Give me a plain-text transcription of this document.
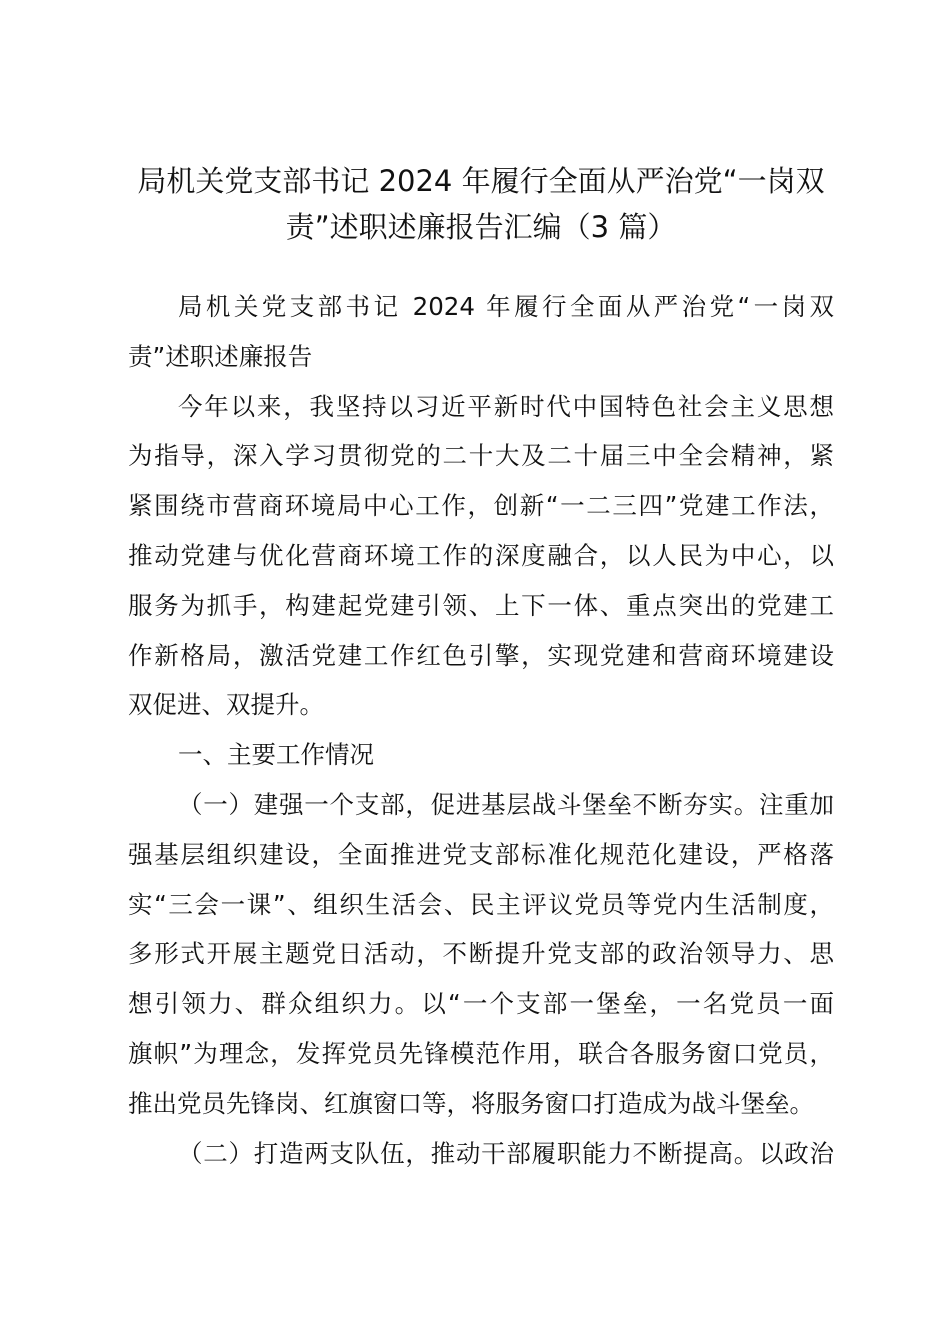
局机关党支部书记 2024 年履行全面从严治党“一岗双
责”述职述廉报告汇编（3 篇）
局机关党支部书记 2024 年履行全面从严治党“一岗双
责”述职述廉报告
今年以来，我坚持以习近平新时代中国特色社会主义思想
为指导，深入学习贯彻党的二十大及二十届三中全会精神，紧
紧围绕市营商环境局中心工作，创新“一二三四”党建工作法，
推动党建与优化营商环境工作的深度融合，以人民为中心，以
服务为抓手，构建起党建引领、上下一体、重点突出的党建工
作新格局，激活党建工作红色引擎，实现党建和营商环境建设
双促进、双提升。
一、主要工作情况
（一）建强一个支部，促进基层战斗堡垒不断夯实。注重加
强基层组织建设，全面推进党支部标准化规范化建设，严格落
实“三会一课”、组织生活会、民主评议党员等党内生活制度，
多形式开展主题党日活动，不断提升党支部的政治领导力、思
想引领力、群众组织力。以“一个支部一堡垒，一名党员一面
旗帜”为理念，发挥党员先锋模范作用，联合各服务窗口党员，
推出党员先锋岗、红旗窗口等，将服务窗口打造成为战斗堡垒。
（二）打造两支队伍，推动干部履职能力不断提高。以政治
